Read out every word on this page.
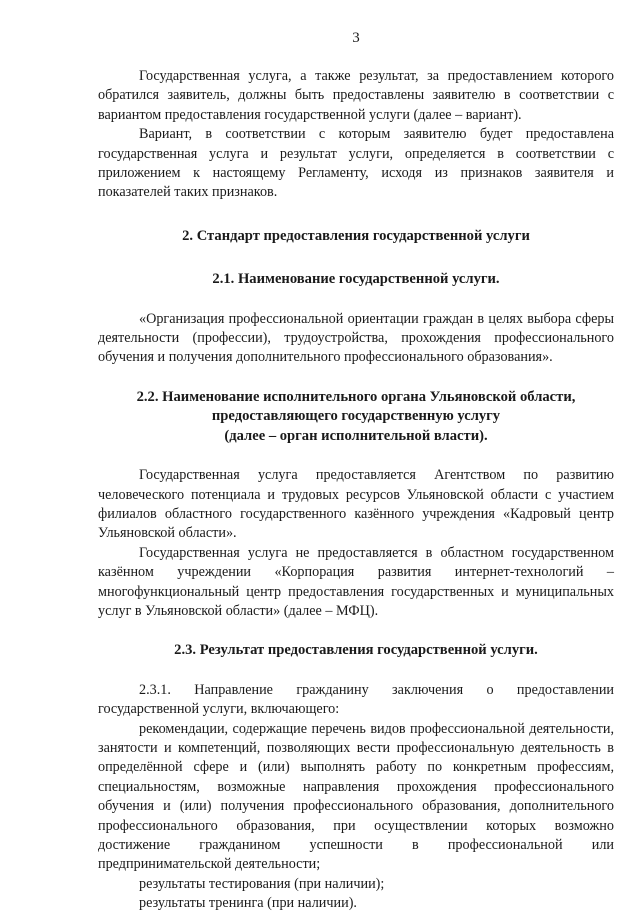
3

Государственная услуга, а также результат, за предоставлением которого обратился заявитель, должны быть предоставлены заявителю в соответствии с вариантом предоставления государственной услуги (далее – вариант).

Вариант, в соответствии с которым заявителю будет предоставлена государственная услуга и результат услуги, определяется в соответствии с приложением к настоящему Регламенту, исходя из признаков заявителя и показателей таких признаков.

2. Стандарт предоставления государственной услуги

2.1. Наименование государственной услуги.

«Организация профессиональной ориентации граждан в целях выбора сферы деятельности (профессии), трудоустройства, прохождения профессионального обучения и получения дополнительного профессионального образования».

2.2. Наименование исполнительного органа Ульяновской области,

предоставляющего государственную услугу

(далее – орган исполнительной власти).

Государственная услуга предоставляется Агентством по развитию человеческого потенциала и трудовых ресурсов Ульяновской области с участием филиалов областного государственного казённого учреждения «Кадровый центр Ульяновской области».

Государственная услуга не предоставляется в областном государственном казённом учреждении «Корпорация развития интернет-технологий – многофункциональный центр предоставления государственных и муниципальных услуг в Ульяновской области» (далее – МФЦ).

2.3. Результат предоставления государственной услуги.

2.3.1. Направление гражданину заключения о предоставлении государственной услуги, включающего:

рекомендации, содержащие перечень видов профессиональной деятельности, занятости и компетенций, позволяющих вести профессиональную деятельность в определённой сфере и (или) выполнять работу по конкретным профессиям, специальностям, возможные направления прохождения профессионального обучения и (или) получения профессионального образования, дополнительного профессионального образования, при осуществлении которых возможно достижение гражданином успешности в профессиональной или предпринимательской деятельности;

результаты тестирования (при наличии);

результаты тренинга (при наличии).
